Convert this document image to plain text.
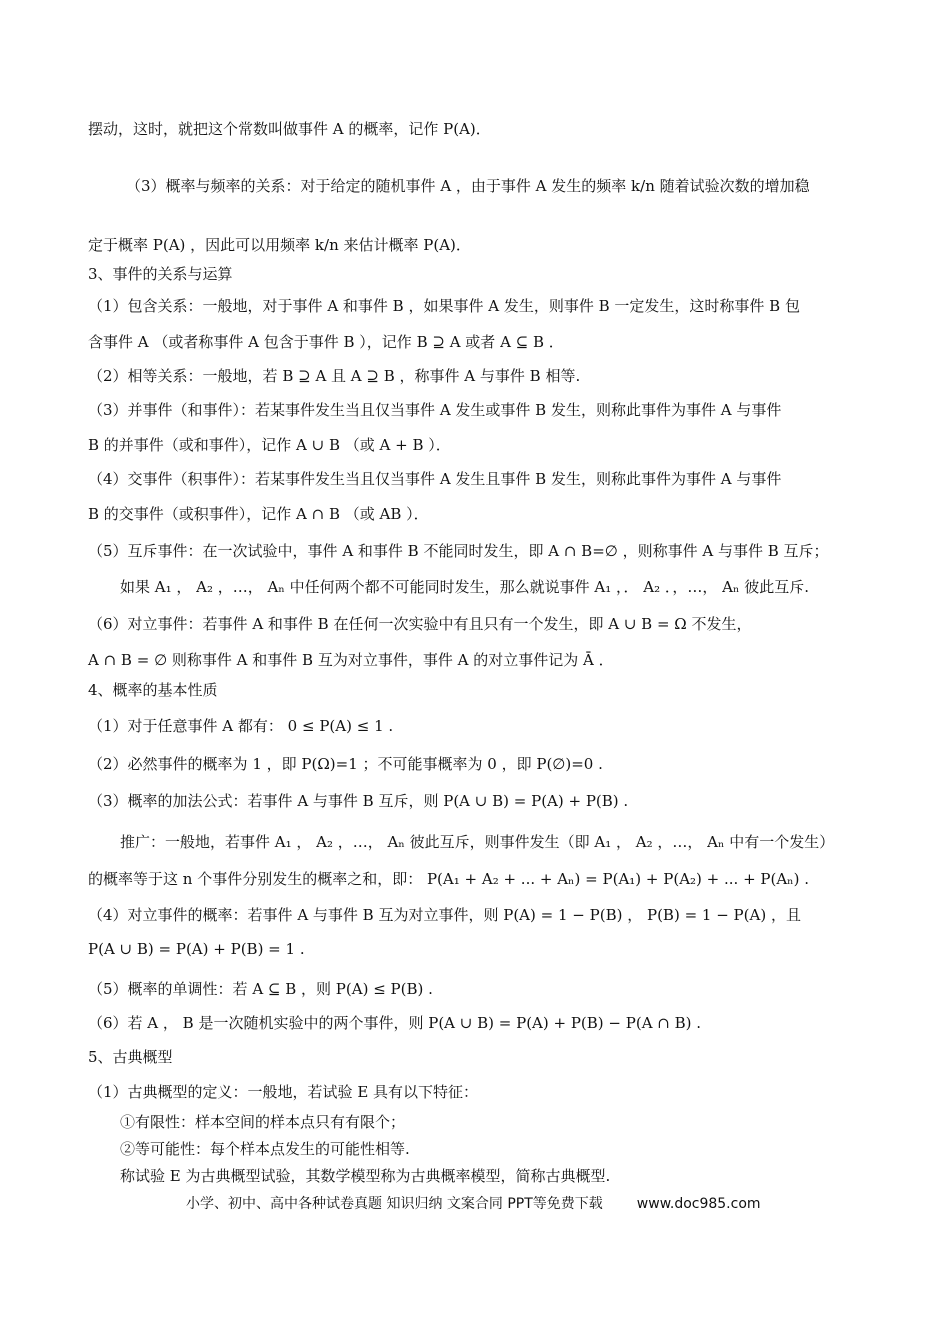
摆动，这时，就把这个常数叫做事件 A 的概率，记作 P(A)．
（3）概率与频率的关系：对于给定的随机事件 A ，由于事件 A 发生的频率 k/n 随着试验次数的增加稳
定于概率 P(A) ，因此可以用频率 k/n 来估计概率 P(A)．
3、事件的关系与运算
（1）包含关系：一般地，对于事件 A 和事件 B ，如果事件 A 发生，则事件 B 一定发生，这时称事件 B 包
含事件 A （或者称事件 A 包含于事件 B ），记作 B ⊇ A 或者 A ⊆ B ．
（2）相等关系：一般地，若 B ⊇ A 且 A ⊇ B ，称事件 A 与事件 B 相等.
（3）并事件（和事件）：若某事件发生当且仅当事件 A 发生或事件 B 发生，则称此事件为事件 A 与事件
B 的并事件（或和事件），记作 A ∪ B （或 A + B ）．
（4）交事件（积事件）：若某事件发生当且仅当事件 A 发生且事件 B 发生，则称此事件为事件 A 与事件
B 的交事件（或积事件），记作 A ∩ B （或 AB ）．
（5）互斥事件：在一次试验中，事件 A 和事件 B 不能同时发生，即 A ∩ B=∅ ，则称事件 A 与事件 B 互斥；
如果 A₁ ， A₂ ，…， Aₙ 中任何两个都不可能同时发生，那么就说事件 A₁ ，． A₂ ．，…， Aₙ 彼此互斥.
（6）对立事件：若事件 A 和事件 B 在任何一次实验中有且只有一个发生，即 A ∪ B = Ω 不发生，
A ∩ B = ∅ 则称事件 A 和事件 B 互为对立事件，事件 A 的对立事件记为 Ā ．
4、概率的基本性质
（1）对于任意事件 A 都有： 0 ≤ P(A) ≤ 1 .
（2）必然事件的概率为 1 ，即 P(Ω)=1 ；不可能事概率为 0 ，即 P(∅)=0 .
（3）概率的加法公式：若事件 A 与事件 B 互斥，则 P(A ∪ B) = P(A) + P(B) .
推广：一般地，若事件 A₁ ， A₂ ，…， Aₙ 彼此互斥，则事件发生（即 A₁ ， A₂ ，…， Aₙ 中有一个发生）
的概率等于这 n 个事件分别发生的概率之和，即： P(A₁ + A₂ + ... + Aₙ) = P(A₁) + P(A₂) + ... + P(Aₙ) .
（4）对立事件的概率：若事件 A 与事件 B 互为对立事件，则 P(A) = 1 − P(B) ， P(B) = 1 − P(A) ，且
P(A ∪ B) = P(A) + P(B) = 1 .
（5）概率的单调性：若 A ⊆ B ，则 P(A) ≤ P(B) .
（6）若 A ， B 是一次随机实验中的两个事件，则 P(A ∪ B) = P(A) + P(B) − P(A ∩ B) .
5、古典概型
（1）古典概型的定义：一般地，若试验 E 具有以下特征：
①有限性：样本空间的样本点只有有限个；
②等可能性：每个样本点发生的可能性相等.
称试验 E 为古典概型试验，其数学模型称为古典概率模型，简称古典概型.
小学、初中、高中各种试卷真题 知识归纳 文案合同 PPT等免费下载 www.doc985.com
